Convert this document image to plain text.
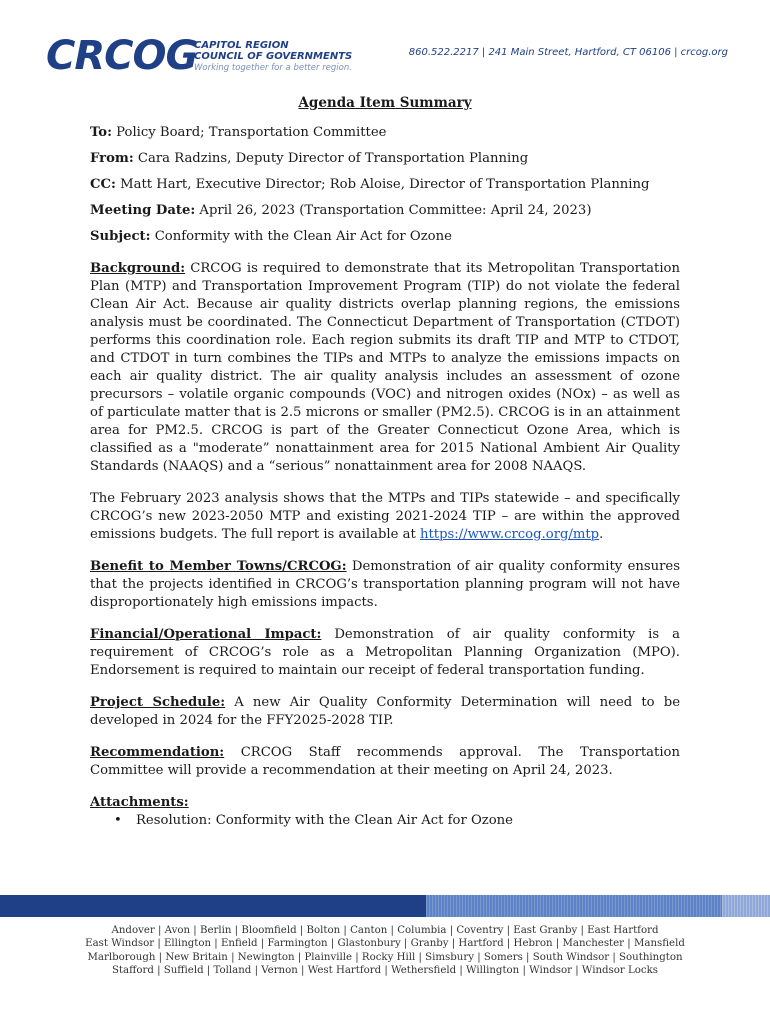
CRCOG
CAPITOL REGION
COUNCIL OF GOVERNMENTS
Working together for a better region.
860.522.2217 | 241 Main Street, Hartford, CT 06106 | crcog.org
Agenda Item Summary
To: Policy Board; Transportation Committee
From: Cara Radzins, Deputy Director of Transportation Planning
CC: Matt Hart, Executive Director; Rob Aloise, Director of Transportation Planning
Meeting Date: April 26, 2023 (Transportation Committee: April 24, 2023)
Subject: Conformity with the Clean Air Act for Ozone
Background: CRCOG is required to demonstrate that its Metropolitan Transportation Plan (MTP) and Transportation Improvement Program (TIP) do not violate the federal Clean Air Act. Because air quality districts overlap planning regions, the emissions analysis must be coordinated. The Connecticut Department of Transportation (CTDOT) performs this coordination role. Each region submits its draft TIP and MTP to CTDOT, and CTDOT in turn combines the TIPs and MTPs to analyze the emissions impacts on each air quality district. The air quality analysis includes an assessment of ozone precursors – volatile organic compounds (VOC) and nitrogen oxides (NOx) – as well as of particulate matter that is 2.5 microns or smaller (PM2.5). CRCOG is in an attainment area for PM2.5. CRCOG is part of the Greater Connecticut Ozone Area, which is classified as a "moderate” nonattainment area for 2015 National Ambient Air Quality Standards (NAAQS) and a “serious” nonattainment area for 2008 NAAQS.
The February 2023 analysis shows that the MTPs and TIPs statewide – and specifically CRCOG’s new 2023-2050 MTP and existing 2021-2024 TIP – are within the approved emissions budgets. The full report is available at https://www.crcog.org/mtp.
Benefit to Member Towns/CRCOG: Demonstration of air quality conformity ensures that the projects identified in CRCOG’s transportation planning program will not have disproportionately high emissions impacts.
Financial/Operational Impact: Demonstration of air quality conformity is a requirement of CRCOG’s role as a Metropolitan Planning Organization (MPO). Endorsement is required to maintain our receipt of federal transportation funding.
Project Schedule: A new Air Quality Conformity Determination will need to be developed in 2024 for the FFY2025-2028 TIP.
Recommendation: CRCOG Staff recommends approval. The Transportation Committee will provide a recommendation at their meeting on April 24, 2023.
Attachments:
• Resolution: Conformity with the Clean Air Act for Ozone
Andover | Avon | Berlin | Bloomfield | Bolton | Canton | Columbia | Coventry | East Granby | East Hartford
East Windsor | Ellington | Enfield | Farmington | Glastonbury | Granby | Hartford | Hebron | Manchester | Mansfield
Marlborough | New Britain | Newington | Plainville | Rocky Hill | Simsbury | Somers | South Windsor | Southington
Stafford | Suffield | Tolland | Vernon | West Hartford | Wethersfield | Willington | Windsor | Windsor Locks
